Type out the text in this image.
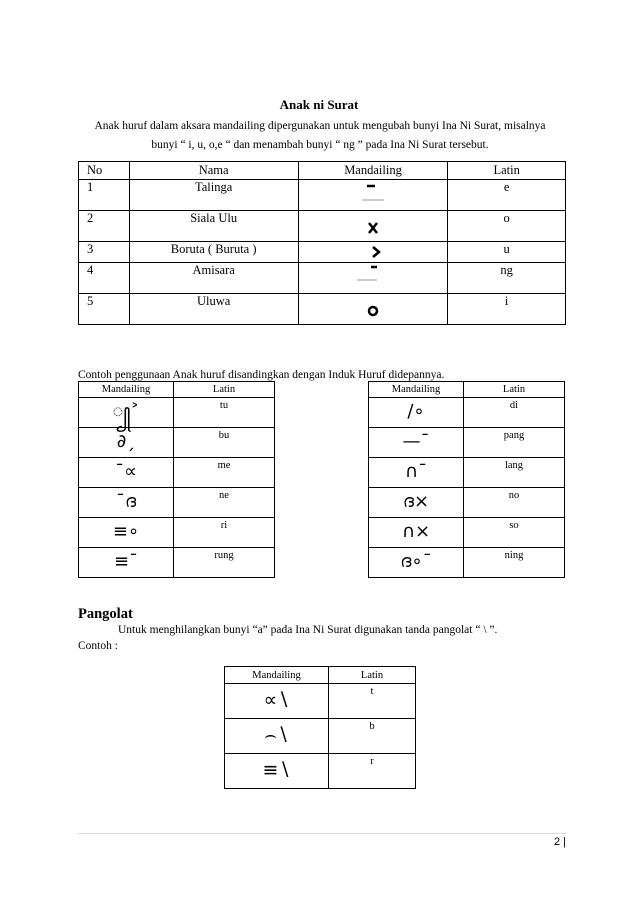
Anak ni Surat
Anak huruf dalam aksara mandailing dipergunakan untuk mengubah bunyi Ina Ni Surat, misalnya bunyi “ i, u, o,e “ dan menambah bunyi “ ng ” pada Ina Ni Surat tersebut.
No	Nama	Mandailing	Latin
1	Talinga		e
2	Siala Ulu		o
3	Boruta ( Buruta )		u
4	Amisara		ng
5	Uluwa		i
Contoh penggunaan Anak huruf disandingkan dengan Induk Huruf didepannya.
Mandailing	Latin

꧀˃	tu

∂ˏ	bu

ˉ∝	me

ˉദ	ne

≡∘	ri

≡ˉ	rung
Mandailing	Latin

∕∘	di

—ˉ	pang

∩ˉ	lang

ദ×	no

∩×	so

ദ∘ˉ	ning
Pangolat
Untuk menghilangkan bunyi “a” pada Ina Ni Surat digunakan tanda pangolat “ \ ”.
Contoh :
Mandailing	Latin

∝∖	t

⌢∖	b

≡∖	r
2 |
